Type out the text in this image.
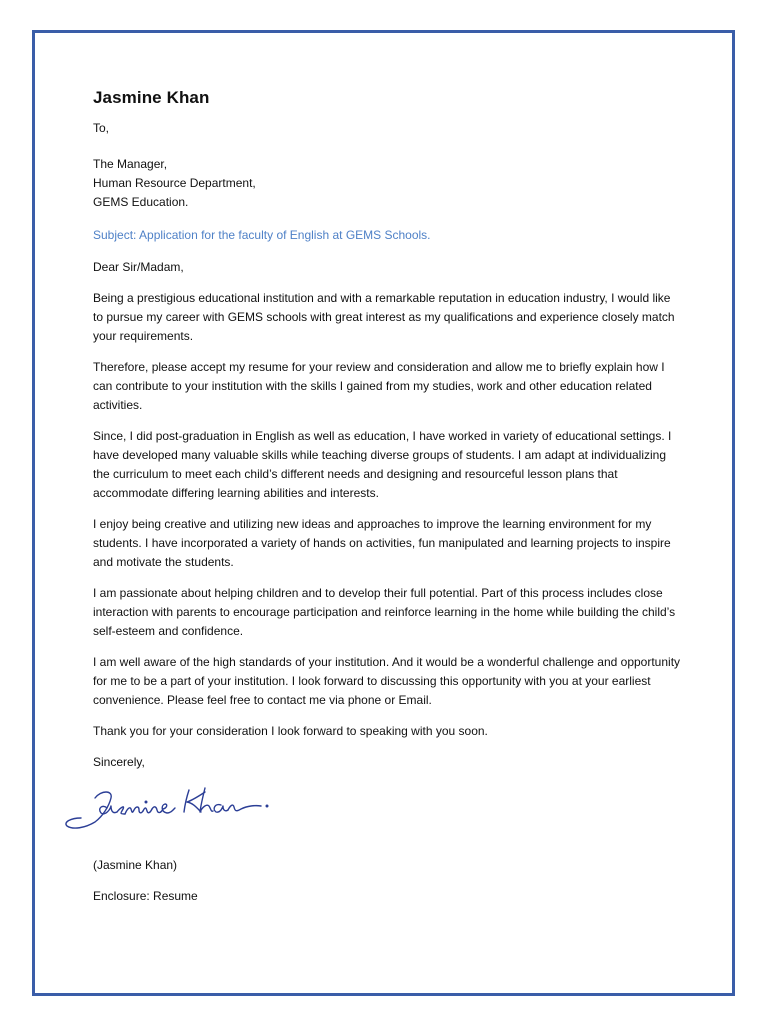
Jasmine Khan
To,
The Manager,
Human Resource Department,
GEMS Education.
Subject: Application for the faculty of English at GEMS Schools.

Dear Sir/Madam,

Being a prestigious educational institution and with a remarkable reputation in education industry, I would like to pursue my career with GEMS schools with great interest as my qualifications and experience closely match your requirements.

Therefore, please accept my resume for your review and consideration and allow me to briefly explain how I can contribute to your institution with the skills I gained from my studies, work and other education related activities.

Since, I did post-graduation in English as well as education, I have worked in variety of educational settings. I have developed many valuable skills while teaching diverse groups of students. I am adapt at individualizing the curriculum to meet each child’s different needs and designing and resourceful lesson plans that accommodate differing learning abilities and interests.

I enjoy being creative and utilizing new ideas and approaches to improve the learning environment for my students. I have incorporated a variety of hands on activities, fun manipulated and learning projects to inspire and motivate the students.

I am passionate about helping children and to develop their full potential. Part of this process includes close interaction with parents to encourage participation and reinforce learning in the home while building the child’s self-esteem and confidence.

I am well aware of the high standards of your institution. And it would be a wonderful challenge and opportunity for me to be a part of your institution. I look forward to discussing this opportunity with you at your earliest convenience. Please feel free to contact me via phone or Email.

Thank you for your consideration I look forward to speaking with you soon.

Sincerely,
(Jasmine Khan)
Enclosure: Resume
